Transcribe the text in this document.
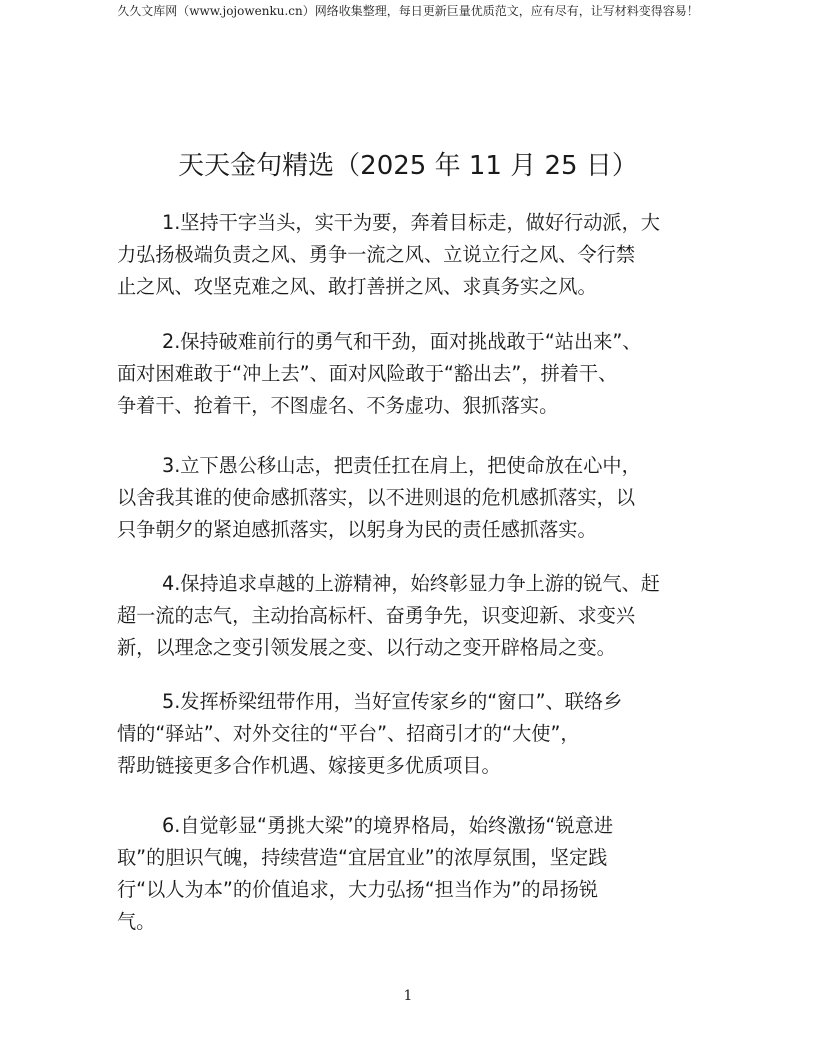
久久文库网（www.jojowenku.cn）网络收集整理，每日更新巨量优质范文，应有尽有，让写材料变得容易！
天天金句精选（2025 年 11 月 25 日）
1.坚持干字当头，实干为要，奔着目标走，做好行动派，大
力弘扬极端负责之风、勇争一流之风、立说立行之风、令行禁
止之风、攻坚克难之风、敢打善拼之风、求真务实之风。
2.保持破难前行的勇气和干劲，面对挑战敢于“站出来”、
面对困难敢于“冲上去”、面对风险敢于“豁出去”，拼着干、
争着干、抢着干，不图虚名、不务虚功、狠抓落实。
3.立下愚公移山志，把责任扛在肩上，把使命放在心中，
以舍我其谁的使命感抓落实，以不进则退的危机感抓落实，以
只争朝夕的紧迫感抓落实，以躬身为民的责任感抓落实。
4.保持追求卓越的上游精神，始终彰显力争上游的锐气、赶
超一流的志气，主动抬高标杆、奋勇争先，识变迎新、求变兴
新，以理念之变引领发展之变、以行动之变开辟格局之变。
5.发挥桥梁纽带作用，当好宣传家乡的“窗口”、联络乡
情的“驿站”、对外交往的“平台”、招商引才的“大使”，
帮助链接更多合作机遇、嫁接更多优质项目。
6.自觉彰显“勇挑大梁”的境界格局，始终激扬“锐意进
取”的胆识气魄，持续营造“宜居宜业”的浓厚氛围，坚定践
行“以人为本”的价值追求，大力弘扬“担当作为”的昂扬锐
气。
1
